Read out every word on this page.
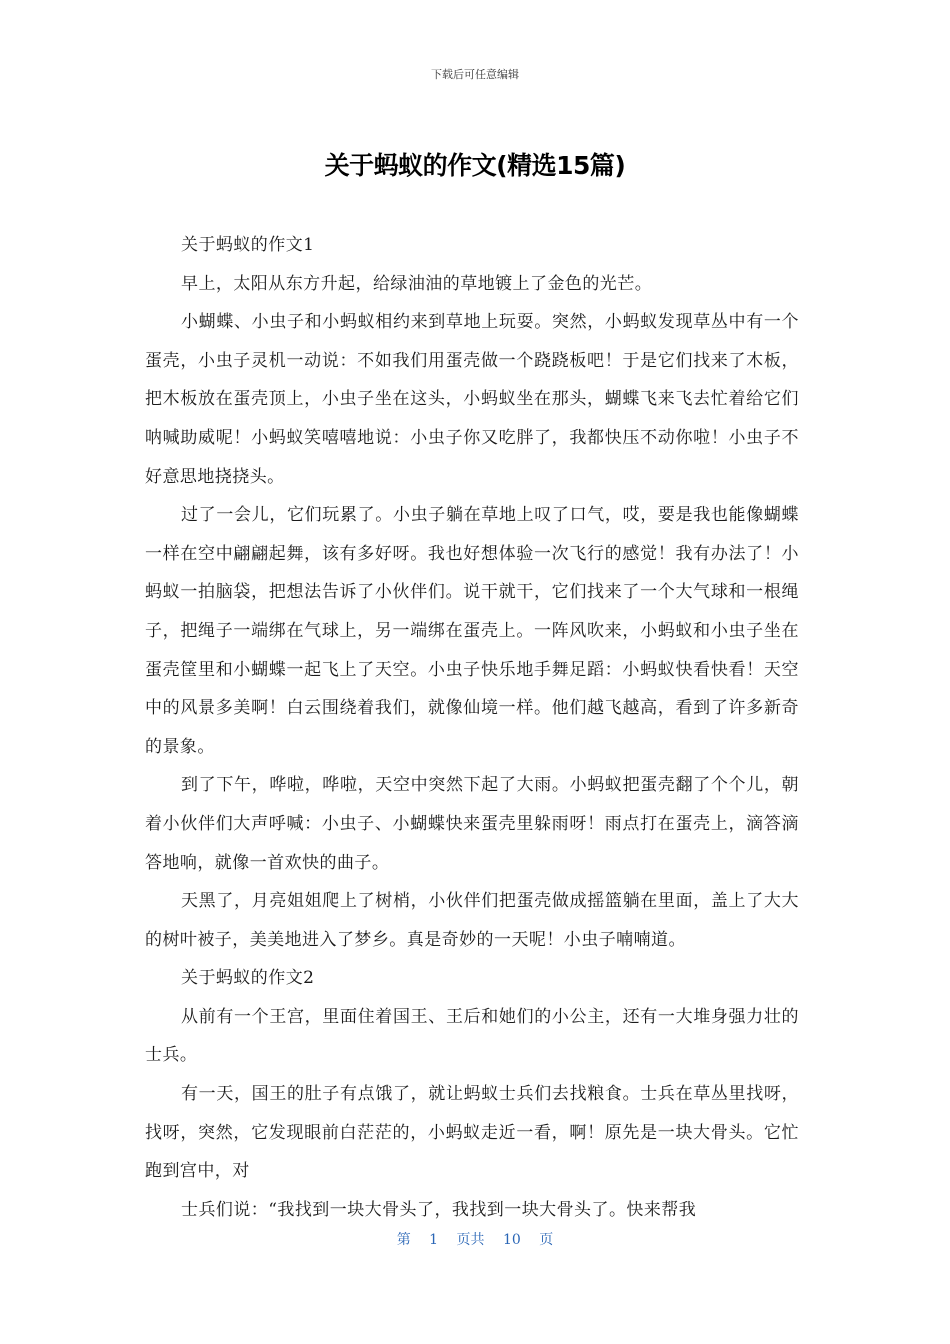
下载后可任意编辑
关于蚂蚁的作文(精选15篇)

关于蚂蚁的作文1

早上，太阳从东方升起，给绿油油的草地镀上了金色的光芒。

小蝴蝶、小虫子和小蚂蚁相约来到草地上玩耍。突然，小蚂蚁发现草丛中有一个蛋壳，小虫子灵机一动说：不如我们用蛋壳做一个跷跷板吧！于是它们找来了木板，把木板放在蛋壳顶上，小虫子坐在这头，小蚂蚁坐在那头，蝴蝶飞来飞去忙着给它们呐喊助威呢！小蚂蚁笑嘻嘻地说：小虫子你又吃胖了，我都快压不动你啦！小虫子不好意思地挠挠头。

过了一会儿，它们玩累了。小虫子躺在草地上叹了口气，哎，要是我也能像蝴蝶一样在空中翩翩起舞，该有多好呀。我也好想体验一次飞行的感觉！我有办法了！小蚂蚁一拍脑袋，把想法告诉了小伙伴们。说干就干，它们找来了一个大气球和一根绳子，把绳子一端绑在气球上，另一端绑在蛋壳上。一阵风吹来，小蚂蚁和小虫子坐在蛋壳筐里和小蝴蝶一起飞上了天空。小虫子快乐地手舞足蹈：小蚂蚁快看快看！天空中的风景多美啊！白云围绕着我们，就像仙境一样。他们越飞越高，看到了许多新奇的景象。

到了下午，哗啦，哗啦，天空中突然下起了大雨。小蚂蚁把蛋壳翻了个个儿，朝着小伙伴们大声呼喊：小虫子、小蝴蝶快来蛋壳里躲雨呀！雨点打在蛋壳上，滴答滴答地响，就像一首欢快的曲子。

天黑了，月亮姐姐爬上了树梢，小伙伴们把蛋壳做成摇篮躺在里面，盖上了大大的树叶被子，美美地进入了梦乡。真是奇妙的一天呢！小虫子喃喃道。

关于蚂蚁的作文2

从前有一个王宫，里面住着国王、王后和她们的小公主，还有一大堆身强力壮的士兵。

有一天，国王的肚子有点饿了，就让蚂蚁士兵们去找粮食。士兵在草丛里找呀，找呀，突然，它发现眼前白茫茫的，小蚂蚁走近一看，啊！原先是一块大骨头。它忙跑到宫中，对

士兵们说：“我找到一块大骨头了，我找到一块大骨头了。快来帮我

第 1 页共 10 页
